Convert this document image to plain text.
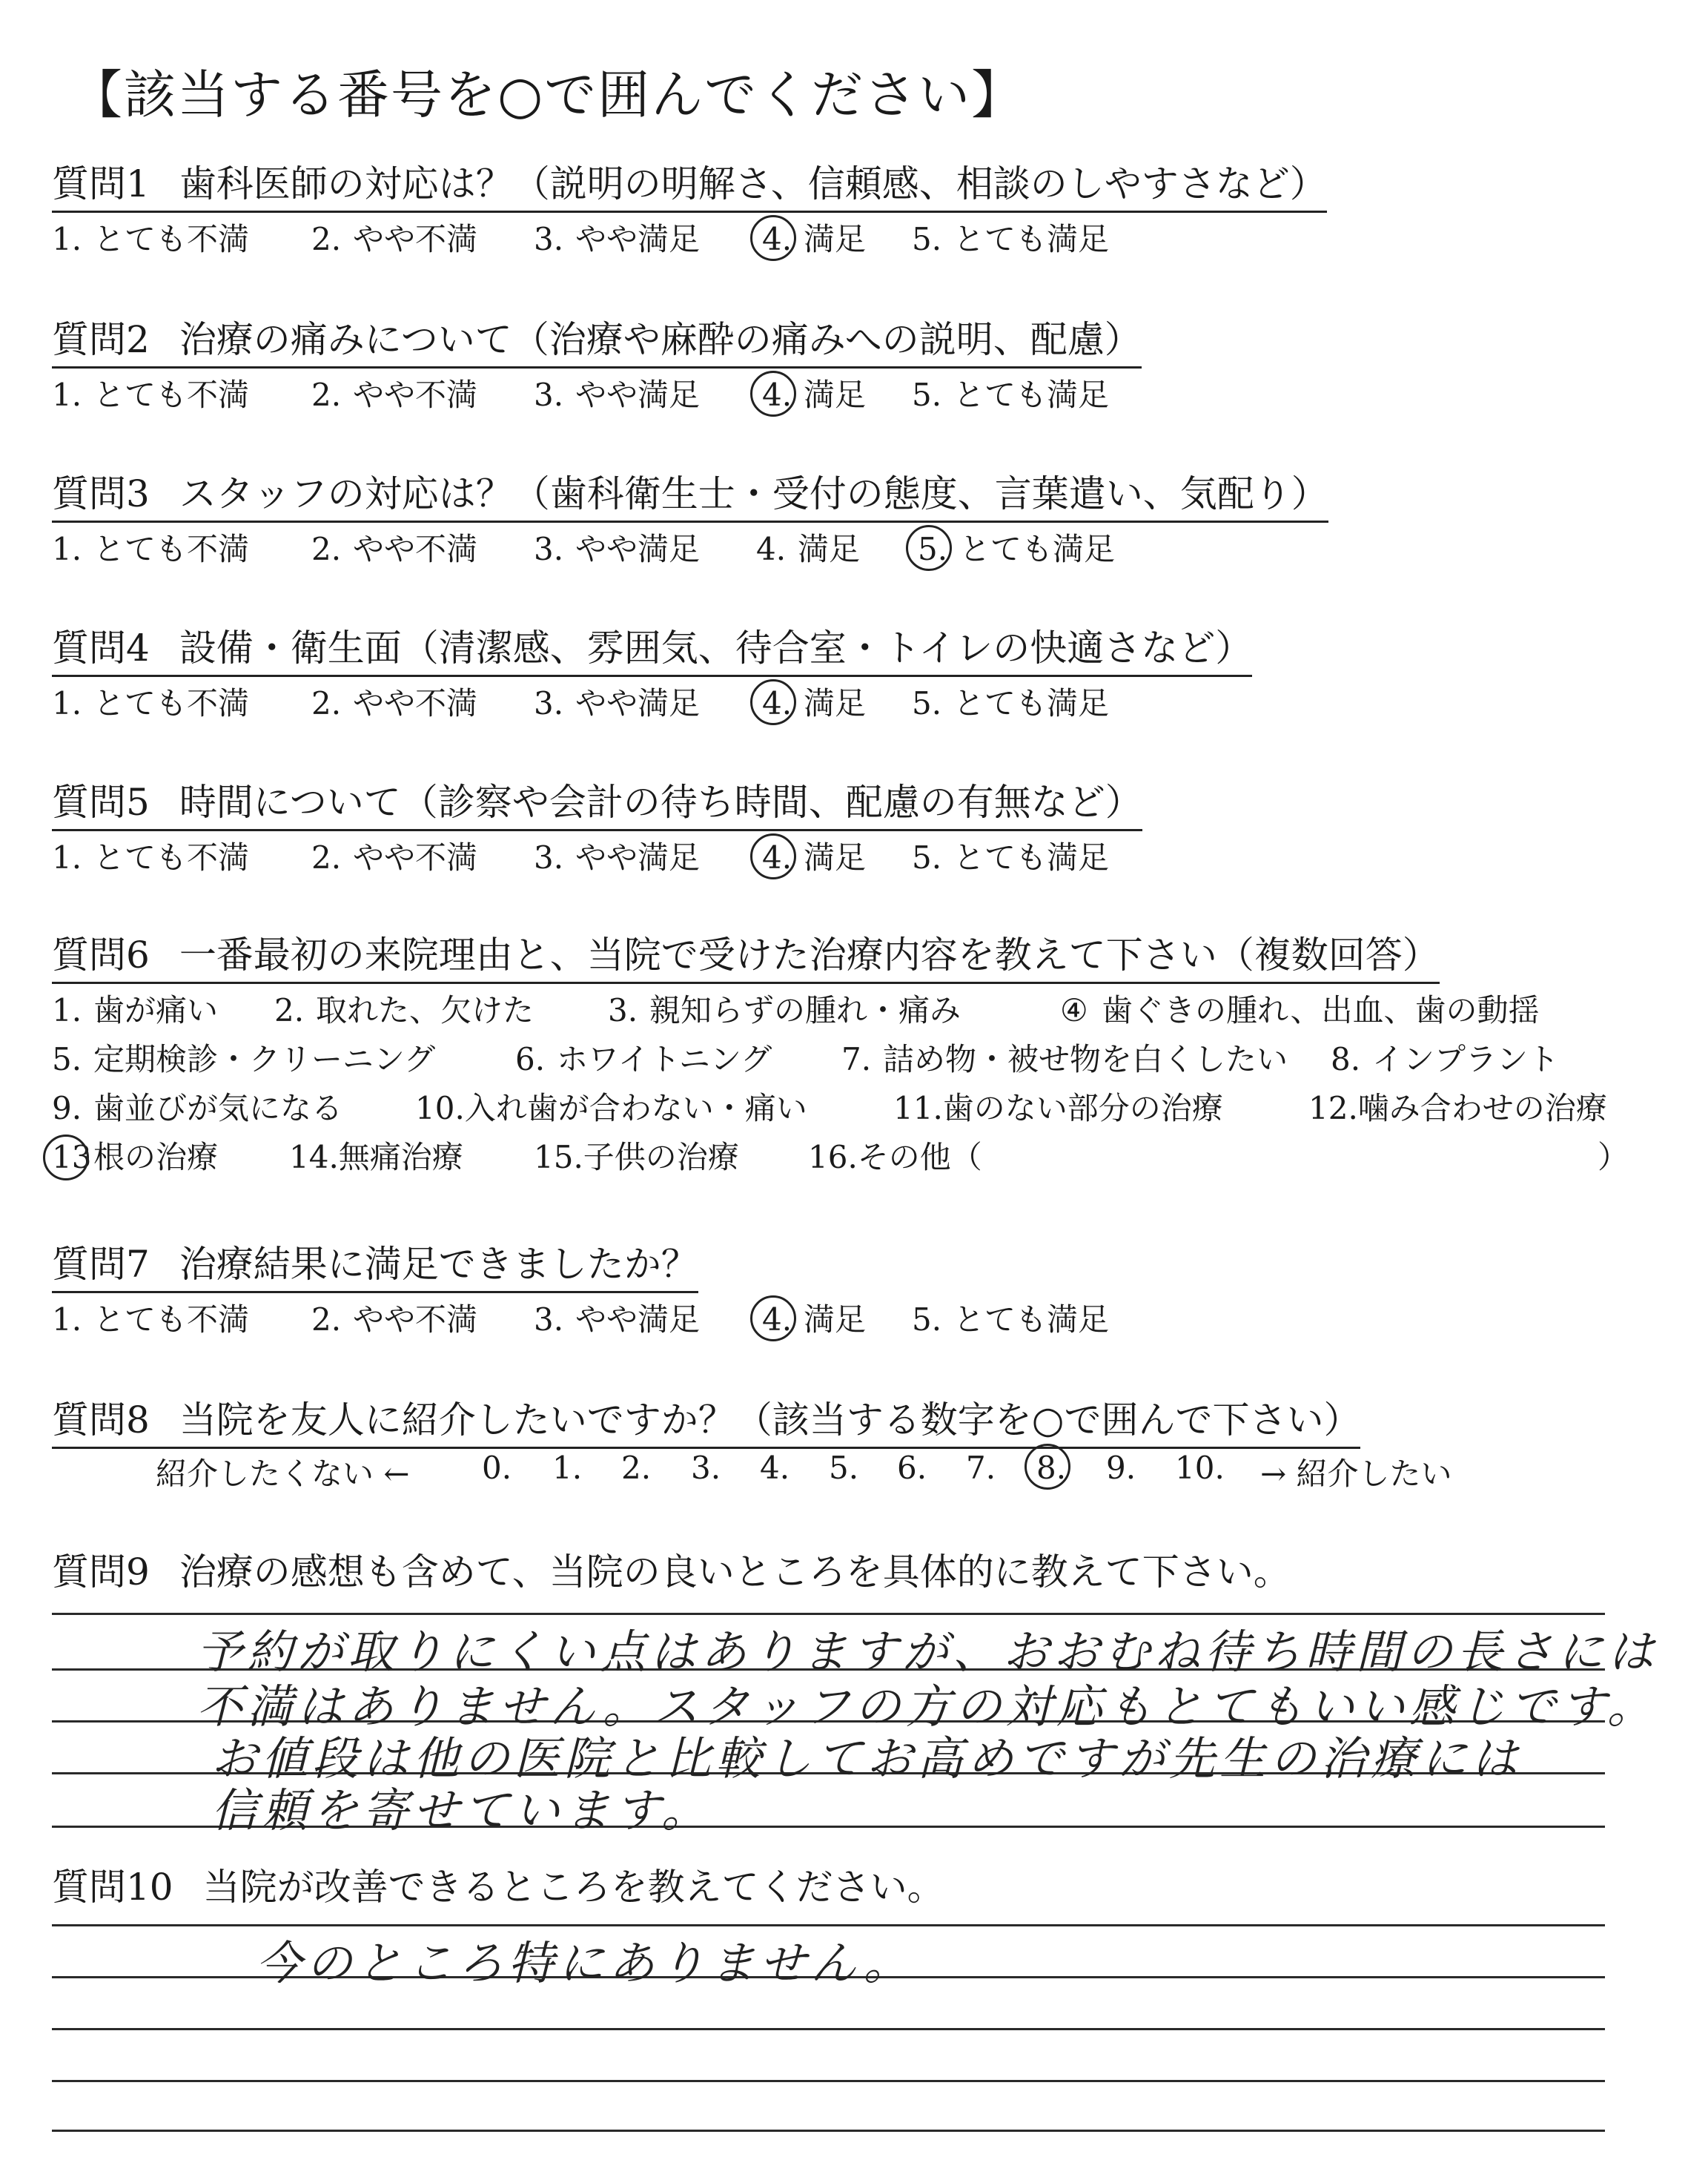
【該当する番号を○で囲んでください】
質問1 歯科医師の対応は？（説明の明解さ、信頼感、相談のしやすさなど）
1. とても不満 2. やや不満 3. やや満足 4. 満足 5. とても満足
質問2 治療の痛みについて（治療や麻酔の痛みへの説明、配慮）
1. とても不満 2. やや不満 3. やや満足 4. 満足 5. とても満足
質問3 スタッフの対応は？（歯科衛生士・受付の態度、言葉遣い、気配り）
1. とても不満 2. やや不満 3. やや満足 4. 満足 5. とても満足
質問4 設備・衛生面（清潔感、雰囲気、待合室・トイレの快適さなど）
1. とても不満 2. やや不満 3. やや満足 4. 満足 5. とても満足
質問5 時間について（診察や会計の待ち時間、配慮の有無など）
1. とても不満 2. やや不満 3. やや満足 4. 満足 5. とても満足
質問6 一番最初の来院理由と、当院で受けた治療内容を教えて下さい（複数回答）
1. 歯が痛い 2. 取れた、欠けた 3. 親知らずの腫れ・痛み	④ 歯ぐきの腫れ、出血、歯の動揺
5. 定期検診・クリーニング	6. ホワイトニング 7. 詰め物・被せ物を白くしたい 8. インプラント
9. 歯並びが気になる 10.入れ歯が合わない・痛い	11.歯のない部分の治療	12.噛み合わせの治療
13根の治療 14.無痛治療 15.子供の治療 16.その他（	）
質問7 治療結果に満足できましたか？
1. とても不満 2. やや不満 3. やや満足 4. 満足 5. とても満足
質問8 当院を友人に紹介したいですか？（該当する数字を○で囲んで下さい）
紹介したくない ← 0.	1.	2.	3.	4.	5.	6.	7.	8.	9.	10. → 紹介したい
質問9 治療の感想も含めて、当院の良いところを具体的に教えて下さい。
予約が取りにくい点はありますが、おおむね待ち時間の長さには
不満はありません。スタッフの方の対応もとてもいい感じです。
お値段は他の医院と比較してお高めですが先生の治療には
信頼を寄せています。
質問10 当院が改善できるところを教えてください。
今のところ特にありません。
